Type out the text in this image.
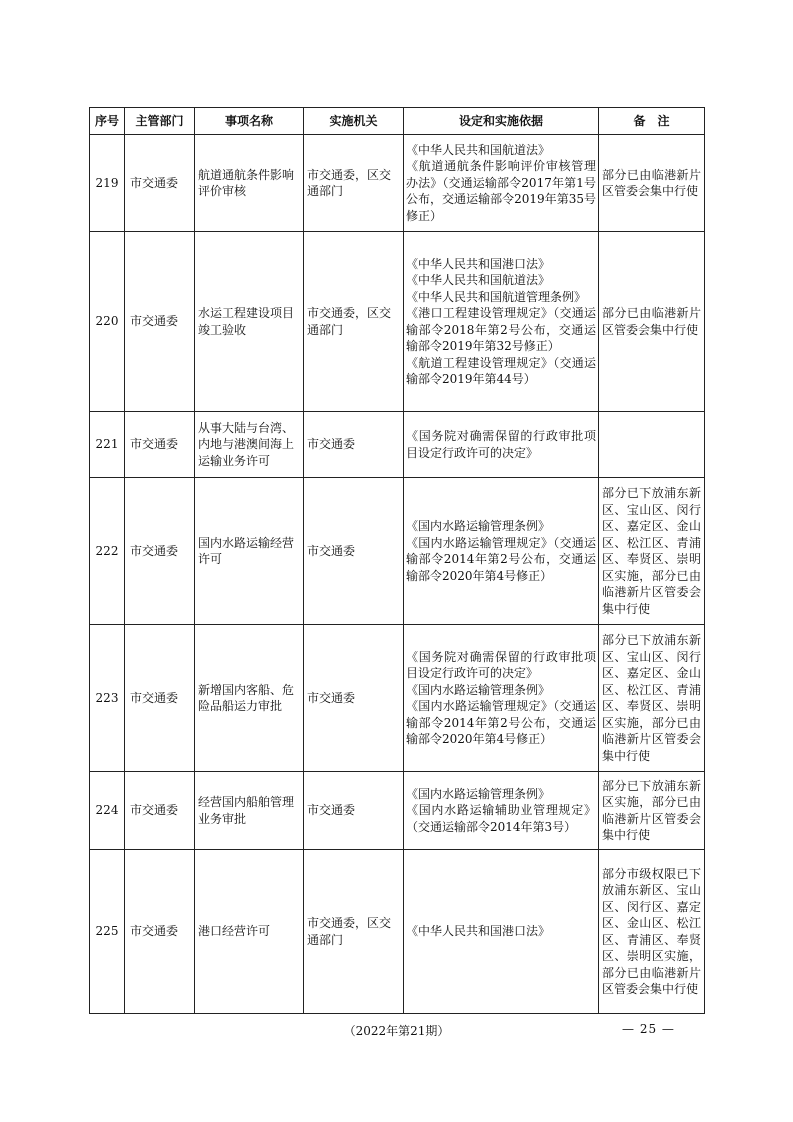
序号	主管部门	事项名称	实施机关	设定和实施依据	备　注
219	市交通委	航道通航条件影响评价审核	市交通委，区交通部门	《中华人民共和国航道法》
《航道通航条件影响评价审核管理办法》（交通运输部令2017年第1号公布，交通运输部令2019年第35号修正）	部分已由临港新片区管委会集中行使
220	市交通委	水运工程建设项目竣工验收	市交通委，区交通部门	《中华人民共和国港口法》
《中华人民共和国航道法》
《中华人民共和国航道管理条例》
《港口工程建设管理规定》（交通运输部令2018年第2号公布，交通运输部令2019年第32号修正）
《航道工程建设管理规定》（交通运输部令2019年第44号）	部分已由临港新片区管委会集中行使
221	市交通委	从事大陆与台湾、内地与港澳间海上运输业务许可	市交通委	《国务院对确需保留的行政审批项目设定行政许可的决定》	

222	市交通委	国内水路运输经营许可	市交通委	《国内水路运输管理条例》
《国内水路运输管理规定》（交通运输部令2014年第2号公布，交通运输部令2020年第4号修正）	部分已下放浦东新区、宝山区、闵行区、嘉定区、金山区、松江区、青浦区、奉贤区、崇明区实施，部分已由临港新片区管委会集中行使
223	市交通委	新增国内客船、危险品船运力审批	市交通委	《国务院对确需保留的行政审批项目设定行政许可的决定》
《国内水路运输管理条例》
《国内水路运输管理规定》（交通运输部令2014年第2号公布，交通运输部令2020年第4号修正）	部分已下放浦东新区、宝山区、闵行区、嘉定区、金山区、松江区、青浦区、奉贤区、崇明区实施，部分已由临港新片区管委会集中行使
224	市交通委	经营国内船舶管理业务审批	市交通委	《国内水路运输管理条例》
《国内水路运输辅助业管理规定》（交通运输部令2014年第3号）	部分已下放浦东新区实施，部分已由临港新片区管委会集中行使
225	市交通委	港口经营许可	市交通委，区交通部门	《中华人民共和国港口法》	部分市级权限已下放浦东新区、宝山区、闵行区、嘉定区、金山区、松江区、青浦区、奉贤区、崇明区实施，部分已由临港新片区管委会集中行使
（2022年第21期）	— 25 —
